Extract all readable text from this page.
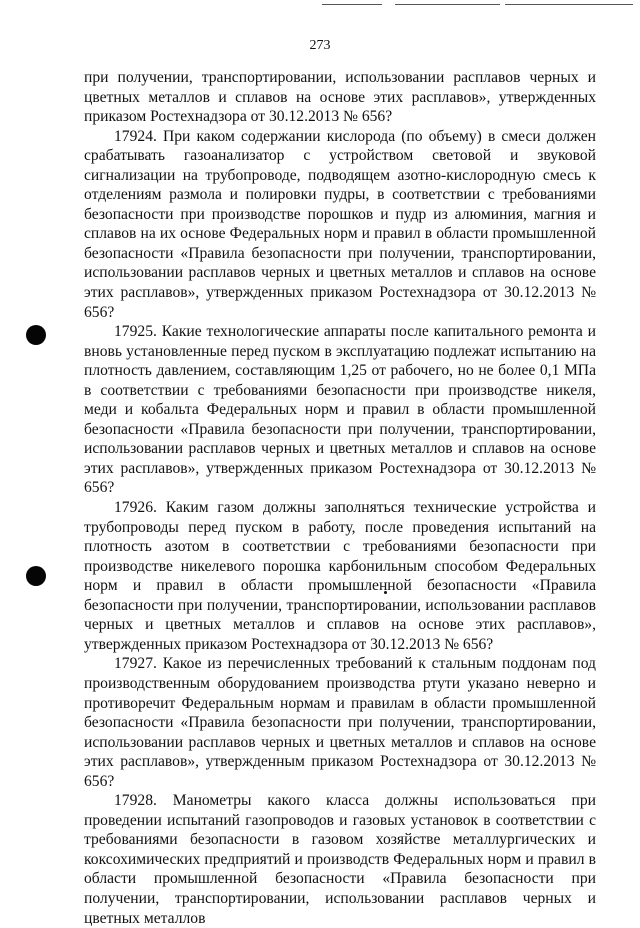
273

при получении, транспортировании, использовании расплавов черных и цветных металлов и сплавов на основе этих расплавов», утвержденных приказом Ростехнадзора от 30.12.2013 № 656?

17924. При каком содержании кислорода (по объему) в смеси должен срабатывать газоанализатор с устройством световой и звуковой сигнализации на трубопроводе, подводящем азотно-кислородную смесь к отделениям размола и полировки пудры, в соответствии с требованиями безопасности при производстве порошков и пудр из алюминия, магния и сплавов на их основе Федеральных норм и правил в области промышленной безопасности «Правила безопасности при получении, транспортировании, использовании расплавов черных и цветных металлов и сплавов на основе этих расплавов», утвержденных приказом Ростехнадзора от 30.12.2013 № 656?

17925. Какие технологические аппараты после капитального ремонта и вновь установленные перед пуском в эксплуатацию подлежат испытанию на плотность давлением, составляющим 1,25 от рабочего, но не более 0,1 МПа в соответствии с требованиями безопасности при производстве никеля, меди и кобальта Федеральных норм и правил в области промышленной безопасности «Правила безопасности при получении, транспортировании, использовании расплавов черных и цветных металлов и сплавов на основе этих расплавов», утвержденных приказом Ростехнадзора от 30.12.2013 № 656?

17926. Каким газом должны заполняться технические устройства и трубопроводы перед пуском в работу, после проведения испытаний на плотность азотом в соответствии с требованиями безопасности при производстве никелевого порошка карбонильным способом Федеральных норм и правил в области промышленной безопасности «Правила безопасности при получении, транспортировании, использовании расплавов черных и цветных металлов и сплавов на основе этих расплавов», утвержденных приказом Ростехнадзора от 30.12.2013 № 656?

17927. Какое из перечисленных требований к стальным поддонам под производственным оборудованием производства ртути указано неверно и противоречит Федеральным нормам и правилам в области промышленной безопасности «Правила безопасности при получении, транспортировании, использовании расплавов черных и цветных металлов и сплавов на основе этих расплавов», утвержденным приказом Ростехнадзора от 30.12.2013 № 656?

17928. Манометры какого класса должны использоваться при проведении испытаний газопроводов и газовых установок в соответствии с требованиями безопасности в газовом хозяйстве металлургических и коксохимических предприятий и производств Федеральных норм и правил в области промышленной безопасности «Правила безопасности при получении, транспортировании, использовании расплавов черных и цветных металлов
